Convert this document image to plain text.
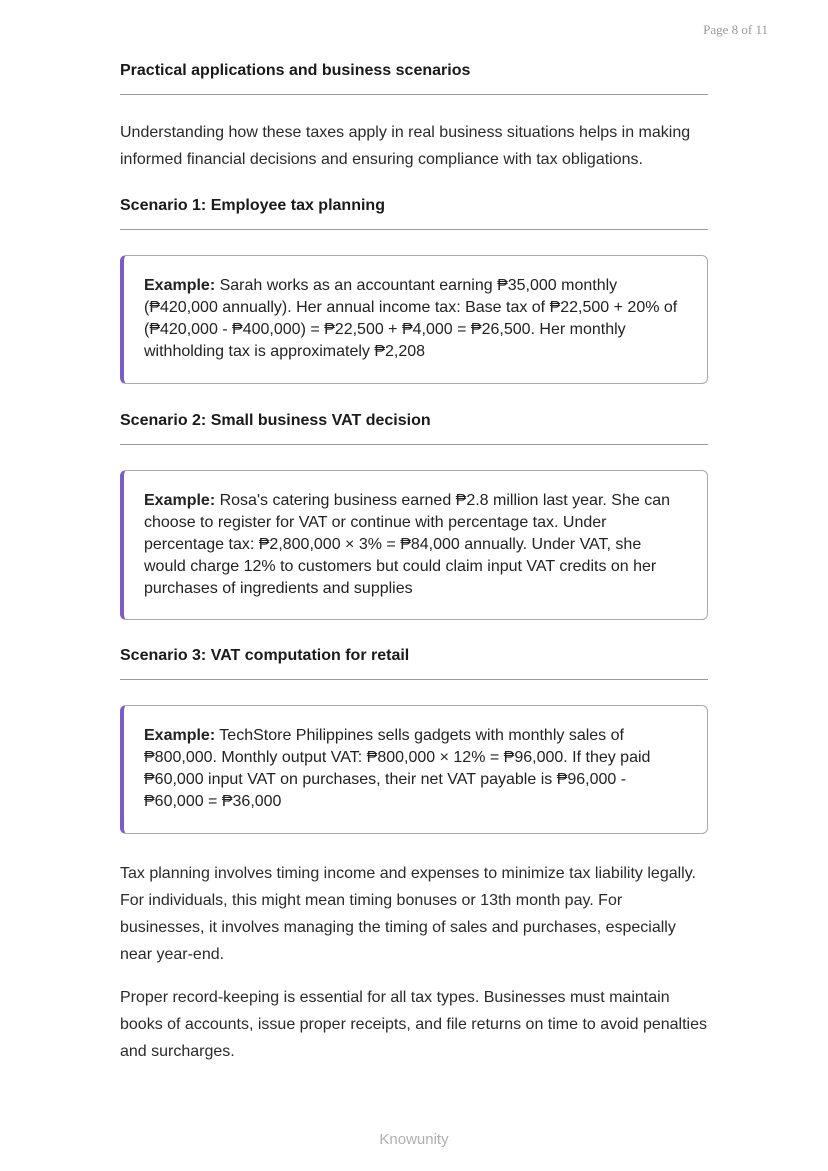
Page 8 of 11
Practical applications and business scenarios

Understanding how these taxes apply in real business situations helps in making informed financial decisions and ensuring compliance with tax obligations.

Scenario 1: Employee tax planning
Example: Sarah works as an accountant earning ₱35,000 monthly (₱420,000 annually). Her annual income tax: Base tax of ₱22,500 + 20% of (₱420,000 - ₱400,000) = ₱22,500 + ₱4,000 = ₱26,500. Her monthly withholding tax is approximately ₱2,208
Scenario 2: Small business VAT decision
Example: Rosa's catering business earned ₱2.8 million last year. She can choose to register for VAT or continue with percentage tax. Under percentage tax: ₱2,800,000 × 3% = ₱84,000 annually. Under VAT, she would charge 12% to customers but could claim input VAT credits on her purchases of ingredients and supplies
Scenario 3: VAT computation for retail
Example: TechStore Philippines sells gadgets with monthly sales of ₱800,000. Monthly output VAT: ₱800,000 × 12% = ₱96,000. If they paid ₱60,000 input VAT on purchases, their net VAT payable is ₱96,000 - ₱60,000 = ₱36,000

Tax planning involves timing income and expenses to minimize tax liability legally. For individuals, this might mean timing bonuses or 13th month pay. For businesses, it involves managing the timing of sales and purchases, especially near year-end.

Proper record-keeping is essential for all tax types. Businesses must maintain books of accounts, issue proper receipts, and file returns on time to avoid penalties and surcharges.

Knowunity
